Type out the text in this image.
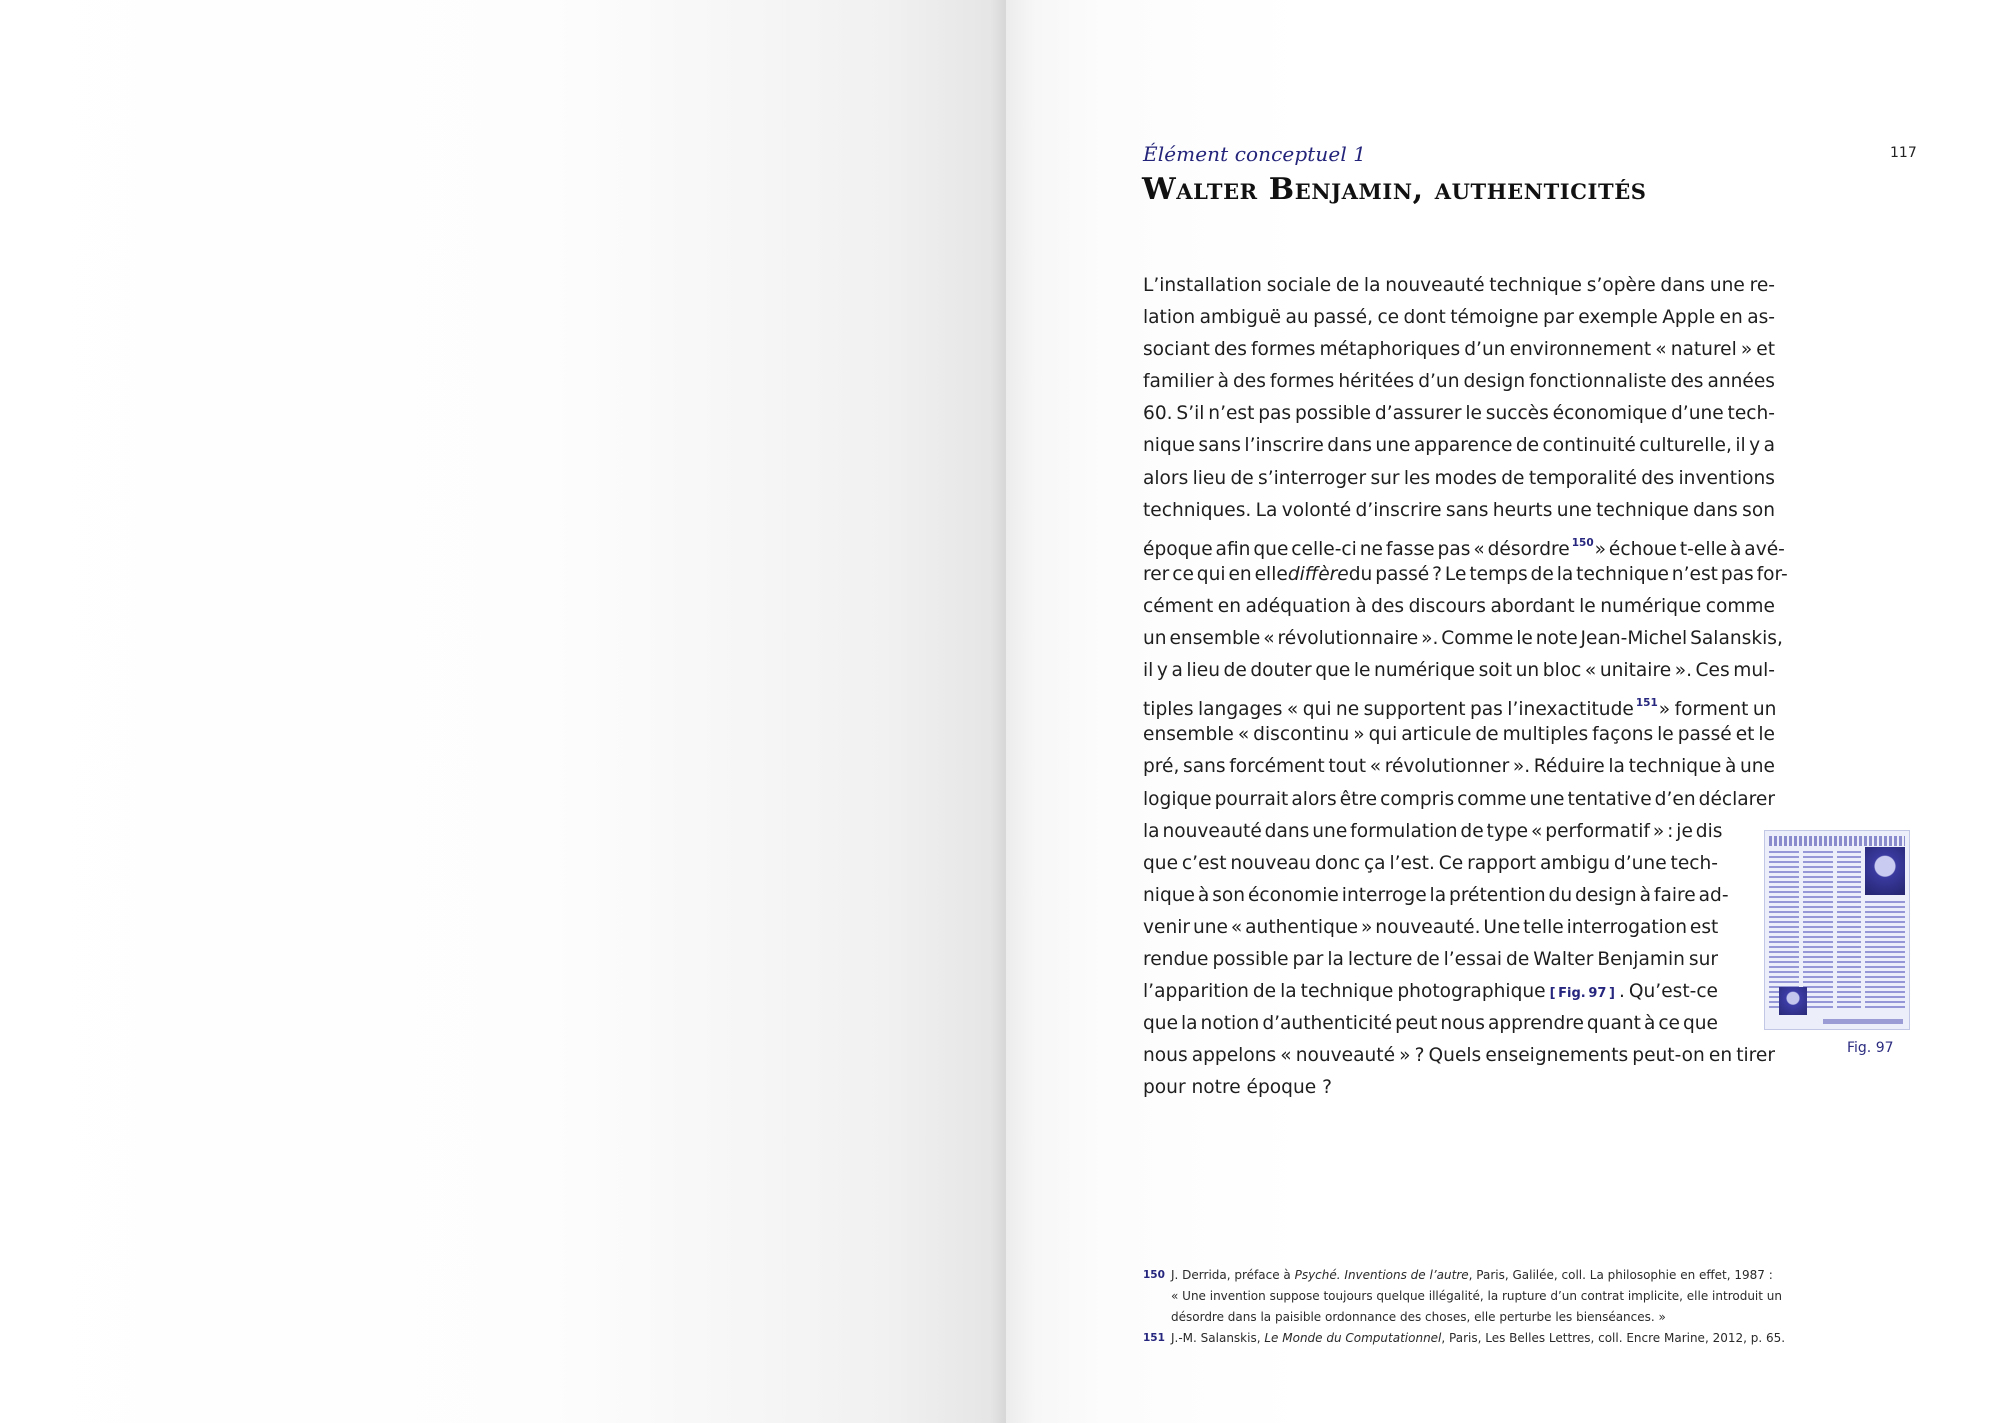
Élément conceptuel 1	117
Walter Benjamin, authenticités
L’installation sociale de la nouveauté technique s’opère dans une re-
lation ambiguë au passé, ce dont témoigne par exemple Apple en as-
sociant des formes métaphoriques d’un environnement « naturel » et
familier à des formes héritées d’un design fonctionnaliste des années
60. S’il n’est pas possible d’assurer le succès économique d’une tech-
nique sans l’inscrire dans une apparence de continuité culturelle, il y a
alors lieu de s’interroger sur les modes de temporalité des inventions
techniques. La volonté d’inscrire sans heurts une technique dans son
époque afin que celle-ci ne fasse pas « désordre 150» échoue t-elle à avé-
rer ce qui en ellediffèredu passé ? Le temps de la technique n’est pas for-
cément en adéquation à des discours abordant le numérique comme
un ensemble « révolutionnaire ». Comme le note Jean-Michel Salanskis,
il y a lieu de douter que le numérique soit un bloc « unitaire ». Ces mul-
tiples langages « qui ne supportent pas l’inexactitude 151» forment un
ensemble « discontinu » qui articule de multiples façons le passé et le
pré, sans forcément tout « révolutionner ». Réduire la technique à une
logique pourrait alors être compris comme une tentative d’en déclarer
la nouveauté dans une formulation de type « performatif » : je dis
que c’est nouveau donc ça l’est. Ce rapport ambigu d’une tech-
nique à son économie interroge la prétention du design à faire ad-
venir une « authentique » nouveauté. Une telle interrogation est
rendue possible par la lecture de l’essai de Walter Benjamin sur
l’apparition de la technique photographique [ Fig. 97 ] . Qu’est-ce
que la notion d’authenticité peut nous apprendre quant à ce que
nous appelons « nouveauté » ? Quels enseignements peut-on en tirer
pour notre époque ?
Fig. 97
150 J. Derrida, préface à Psyché. Inventions de l’autre, Paris, Galilée, coll. La philosophie en effet, 1987 :
« Une invention suppose toujours quelque illégalité, la rupture d’un contrat implicite, elle introduit un
désordre dans la paisible ordonnance des choses, elle perturbe les bienséances. »
151 J.-M. Salanskis, Le Monde du Computationnel, Paris, Les Belles Lettres, coll. Encre Marine, 2012, p. 65.
